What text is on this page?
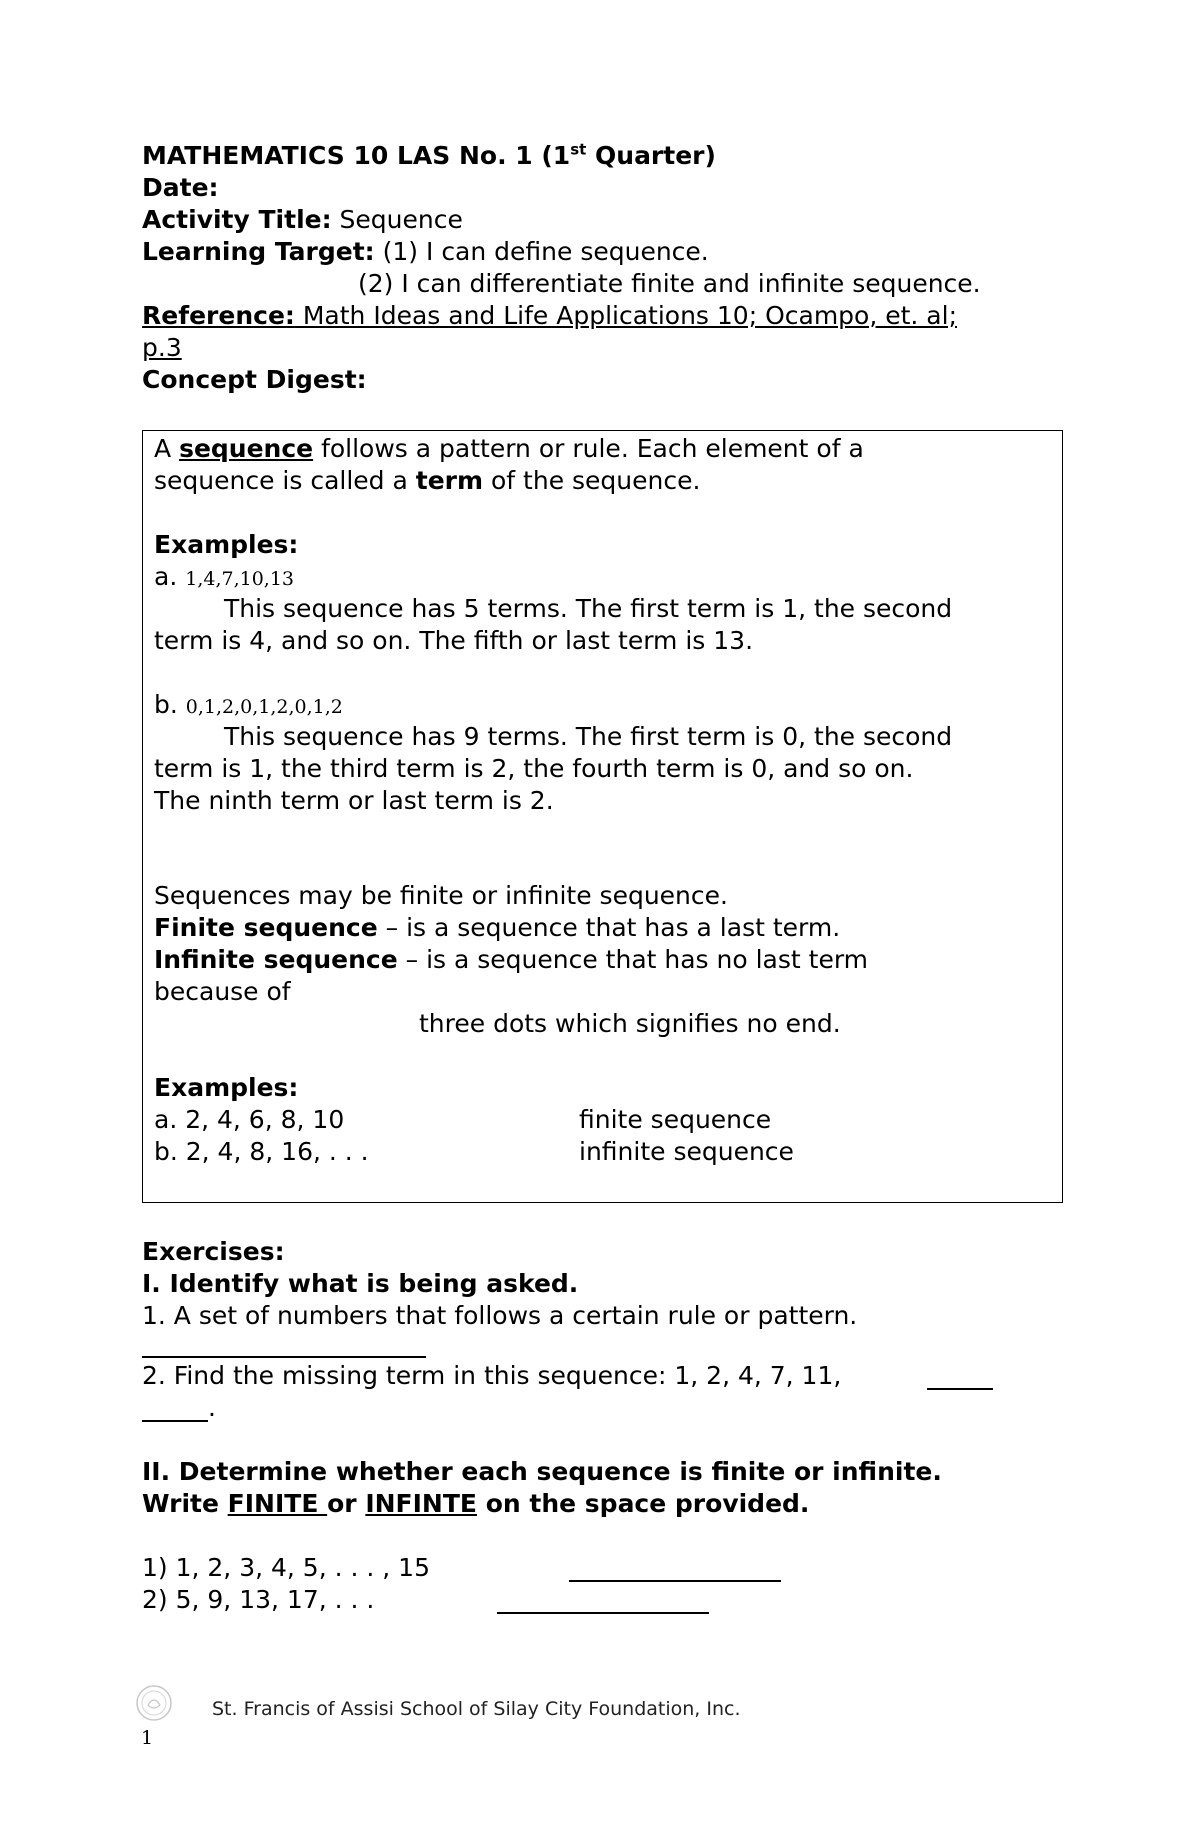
MATHEMATICS 10 LAS No. 1 (1st Quarter)
Date:
Activity Title: Sequence
Learning Target: (1) I can define sequence.
(2) I can differentiate finite and infinite sequence.
Reference: Math Ideas and Life Applications 10; Ocampo, et. al;
p.3
Concept Digest:
A sequence follows a pattern or rule. Each element of a
sequence is called a term of the sequence.
Examples:
a. 1,4,7,10,13
This sequence has 5 terms. The first term is 1, the second
term is 4, and so on. The fifth or last term is 13.
b. 0,1,2,0,1,2,0,1,2
This sequence has 9 terms. The first term is 0, the second
term is 1, the third term is 2, the fourth term is 0, and so on.
The ninth term or last term is 2.
Sequences may be finite or infinite sequence.
Finite sequence – is a sequence that has a last term.
Infinite sequence – is a sequence that has no last term
because of
three dots which signifies no end.
Examples:
a. 2, 4, 6, 8, 10	finite sequence
b. 2, 4, 8, 16, . . .	infinite sequence
Exercises:
I. Identify what is being asked.
1. A set of numbers that follows a certain rule or pattern.
2. Find the missing term in this sequence: 1, 2, 4, 7, 11,
.
II. Determine whether each sequence is finite or infinite.
Write FINITE or INFINTE on the space provided.
1) 1, 2, 3, 4, 5, . . . , 15
2) 5, 9, 13, 17, . . .
St. Francis of Assisi School of Silay City Foundation, Inc.
1
